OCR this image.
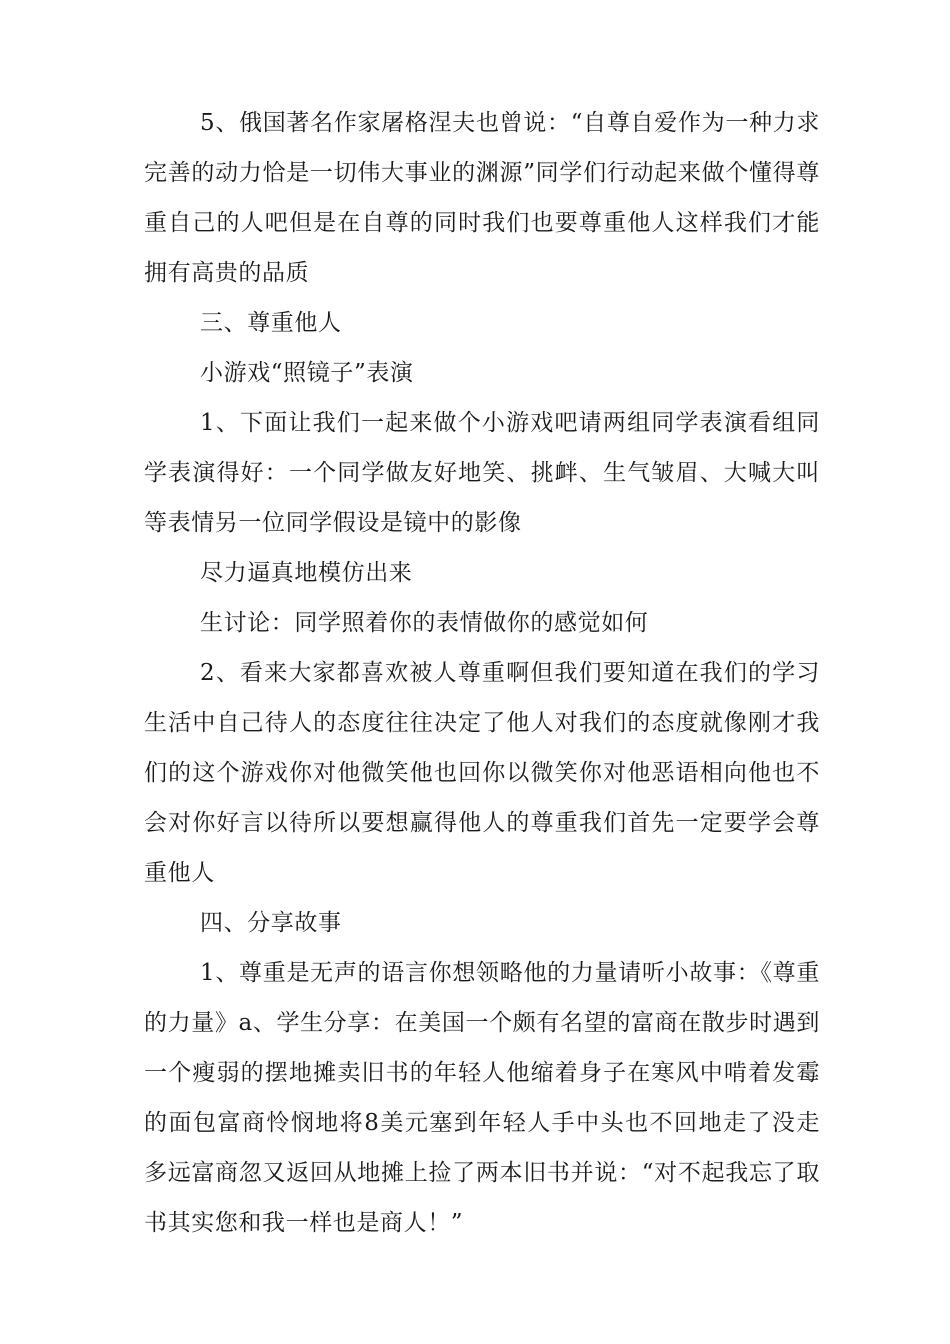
5、俄国著名作家屠格涅夫也曾说：“自尊自爱作为一种力求完善的动力恰是一切伟大事业的渊源”同学们行动起来做个懂得尊重自己的人吧但是在自尊的同时我们也要尊重他人这样我们才能拥有高贵的品质

三、尊重他人

小游戏“照镜子”表演

1、下面让我们一起来做个小游戏吧请两组同学表演看组同学表演得好：一个同学做友好地笑、挑衅、生气皱眉、大喊大叫等表情另一位同学假设是镜中的影像

尽力逼真地模仿出来

生讨论：同学照着你的表情做你的感觉如何

2、看来大家都喜欢被人尊重啊但我们要知道在我们的学习生活中自己待人的态度往往决定了他人对我们的态度就像刚才我们的这个游戏你对他微笑他也回你以微笑你对他恶语相向他也不会对你好言以待所以要想赢得他人的尊重我们首先一定要学会尊重他人

四、分享故事

1、尊重是无声的语言你想领略他的力量请听小故事：《尊重的力量》a、学生分享：在美国一个颇有名望的富商在散步时遇到一个瘦弱的摆地摊卖旧书的年轻人他缩着身子在寒风中啃着发霉的面包富商怜悯地将8美元塞到年轻人手中头也不回地走了没走多远富商忽又返回从地摊上捡了两本旧书并说：“对不起我忘了取书其实您和我一样也是商人！”
